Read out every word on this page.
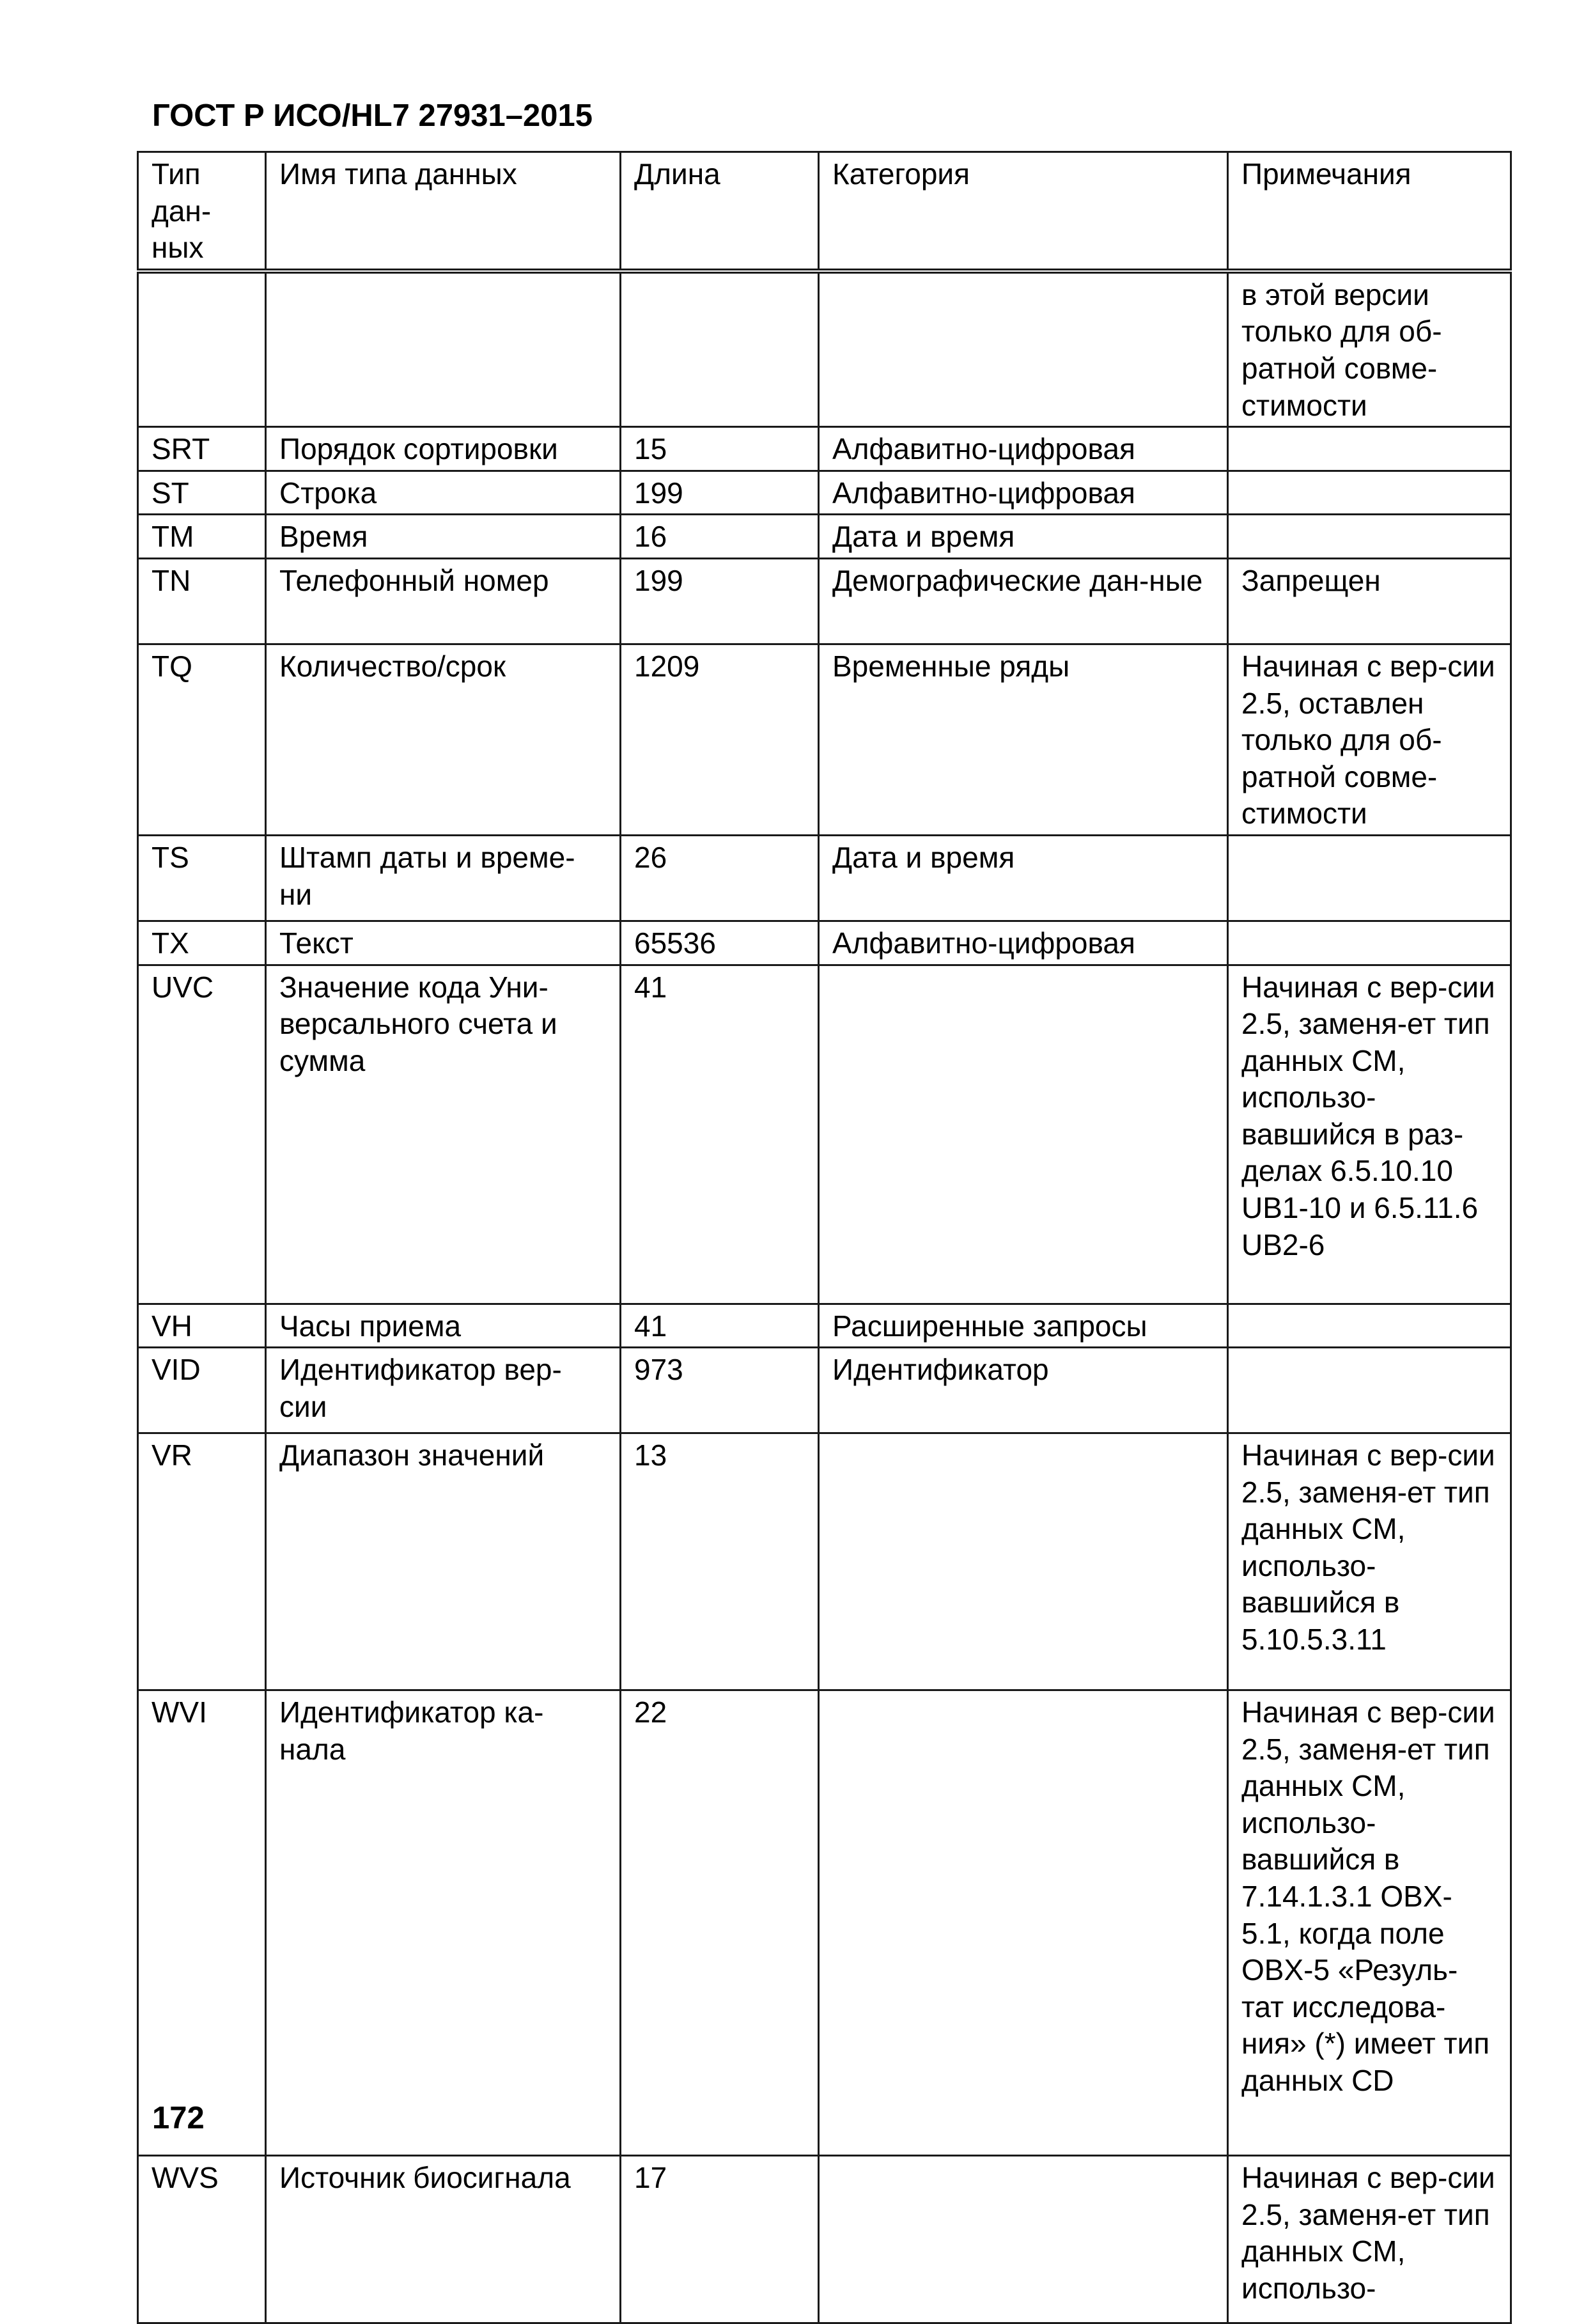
ГОСТ Р ИСО/HL7 27931–2015
Тип дан-ных	Имя типа данных	Длина	Категория	Примечания
				в этой версии только для об-ратной совме-стимости
SRT	Порядок сортировки	15	Алфавитно-цифровая	
ST	Строка	199	Алфавитно-цифровая	
TM	Время	16	Дата и время	
TN	Телефонный номер	199	Демографические дан-ные	Запрещен
TQ	Количество/срок	1209	Временные ряды	Начиная с вер-сии 2.5, оставлен только для об-ратной совме-стимости
TS	Штамп даты и време-ни	26	Дата и время	
TX	Текст	65536	Алфавитно-цифровая	
UVC	Значение кода Уни-версального счета и сумма	41		Начиная с вер-сии 2.5, заменя-ет тип данных CM, использо-вавшийся в раз-делах 6.5.10.10 UB1-10 и 6.5.11.6 UB2-6
VH	Часы приема	41	Расширенные запросы	
VID	Идентификатор вер-сии	973	Идентификатор	
VR	Диапазон значений	13		Начиная с вер-сии 2.5, заменя-ет тип данных CM, использо-вавшийся в 5.10.5.3.11
WVI	Идентификатор ка-нала	22		Начиная с вер-сии 2.5, заменя-ет тип данных CM, использо-вавшийся в 7.14.1.3.1 OBX-5.1, когда поле OBX-5 «Резуль-тат исследова-ния» (*) имеет тип данных CD
WVS	Источник биосигнала	17		Начиная с вер-сии 2.5, заменя-ет тип данных CM, использо-
172
